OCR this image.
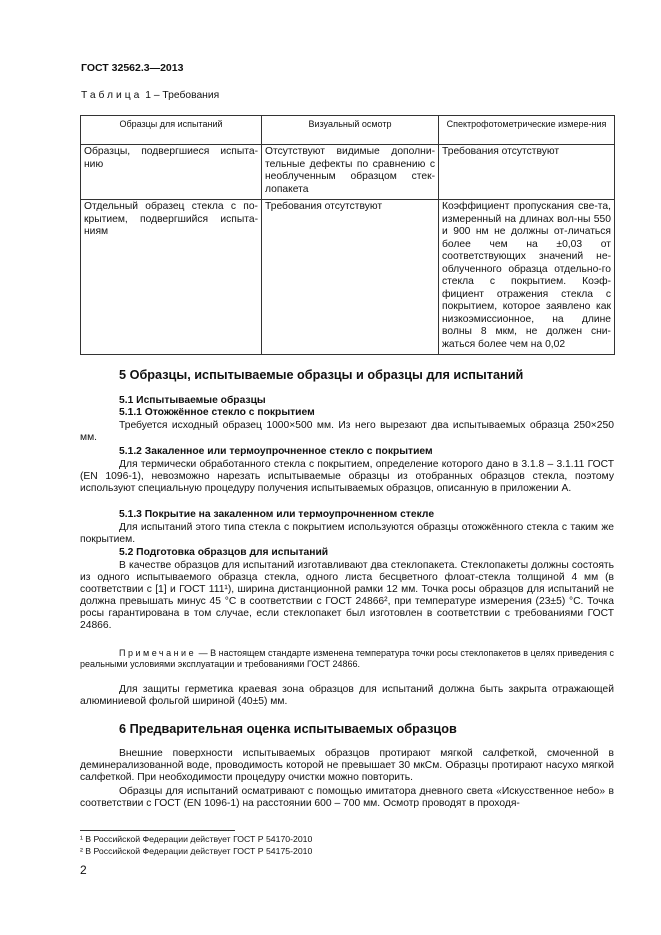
ГОСТ 32562.3—2013
Таблица 1 – Требования
Образцы для испытаний	Визуальный осмотр	Спектрофотометрические измере-ния
Образцы, подвергшиеся испыта-нию	Отсутствуют видимые дополни-тельные дефекты по сравнению с необлученным образцом стек-лопакета	Требования отсутствуют
Отдельный образец стекла с по-крытием, подвергшийся испыта-ниям	Требования отсутствуют	Коэффициент пропускания све-та, измеренный на длинах вол-ны 550 и 900 нм не должны от-личаться более чем на ±0,03 от соответствующих значений не-облученного образца отдельно-го стекла с покрытием. Коэф-фициент отражения стекла с покрытием, которое заявлено как низкоэмиссионное, на длине волны 8 мкм, не должен сни-жаться более чем на 0,02
5 Образцы, испытываемые образцы и образцы для испытаний
5.1 Испытываемые образцы
5.1.1 Отожжённое стекло с покрытием
Требуется исходный образец 1000×500 мм. Из него вырезают два испытываемых образца 250×250 мм.
5.1.2 Закаленное или термоупрочненное стекло с покрытием
Для термически обработанного стекла с покрытием, определение которого дано в 3.1.8 – 3.1.11 ГОСТ (EN 1096-1), невозможно нарезать испытываемые образцы из отобранных образцов стекла, поэтому используют специальную процедуру получения испытываемых образцов, описанную в приложении А.
5.1.3 Покрытие на закаленном или термоупрочненном стекле
Для испытаний этого типа стекла с покрытием используются образцы отожжённого стекла с таким же покрытием.
5.2 Подготовка образцов для испытаний
В качестве образцов для испытаний изготавливают два стеклопакета. Стеклопакеты должны состоять из одного испытываемого образца стекла, одного листа бесцветного флоат-стекла толщиной 4 мм (в соответствии с [1] и ГОСТ 111¹), ширина дистанционной рамки 12 мм. Точка росы образцов для испытаний не должна превышать минус 45 °С в соответствии с ГОСТ 24866², при температуре измерения (23±5) °С. Точка росы гарантирована в том случае, если стеклопакет был изготовлен в соответствии с требованиями ГОСТ 24866.
Примечание — В настоящем стандарте изменена температура точки росы стеклопакетов в целях приведения с реальными условиями эксплуатации и требованиями ГОСТ 24866.
Для защиты герметика краевая зона образцов для испытаний должна быть закрыта отражающей алюминиевой фольгой шириной (40±5) мм.
6 Предварительная оценка испытываемых образцов
Внешние поверхности испытываемых образцов протирают мягкой салфеткой, смоченной в деминерализованной воде, проводимость которой не превышает 30 мкСм. Образцы протирают насухо мягкой салфеткой. При необходимости процедуру очистки можно повторить.
Образцы для испытаний осматривают с помощью имитатора дневного света «Искусственное небо» в соответствии с ГОСТ (EN 1096-1) на расстоянии 600 – 700 мм. Осмотр проводят в проходя-
¹ В Российской Федерации действует ГОСТ Р 54170-2010
² В Российской Федерации действует ГОСТ Р 54175-2010
2
